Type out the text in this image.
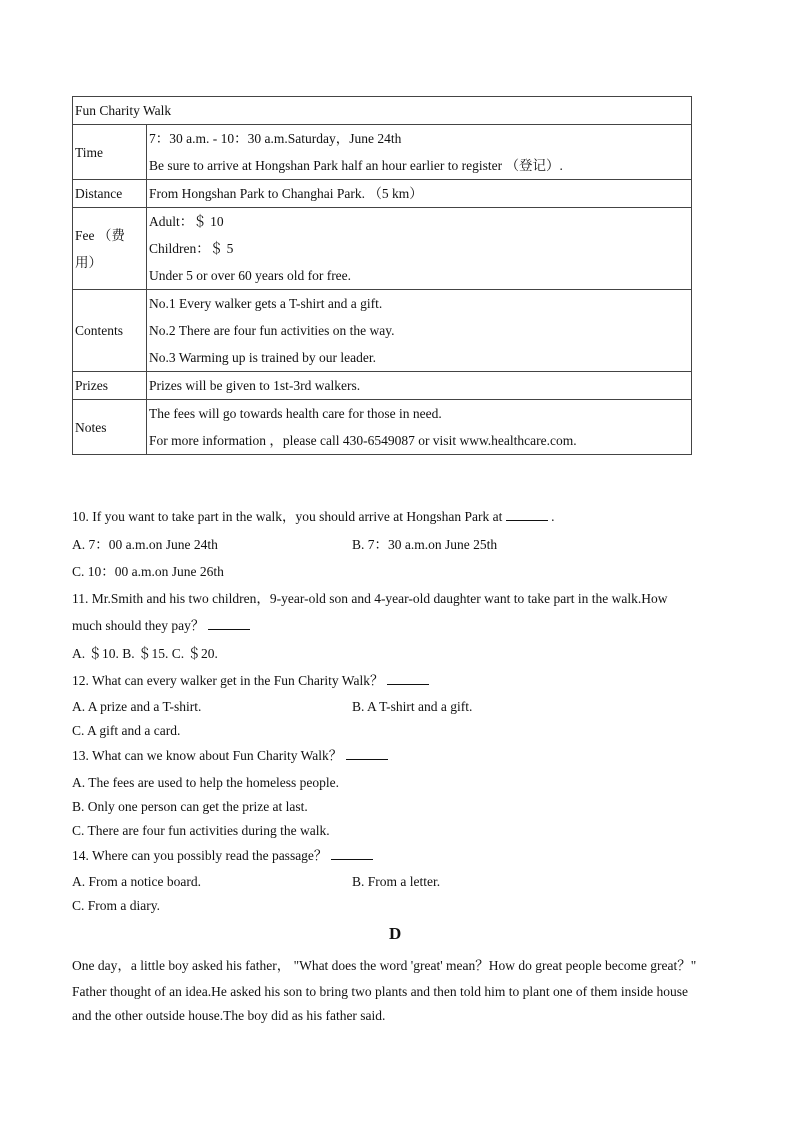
Fun Charity Walk	
Time	7：30 a.m. - 10：30 a.m.Saturday，June 24th
Be sure to arrive at Hongshan Park half an hour earlier to register （登记）.

Distance	From Hongshan Park to Changhai Park. （5 km）

Fee （费用）	Adult：＄ 10
Children：＄ 5
Under 5 or over 60 years old for free.

Contents	No.1 Every walker gets a T-shirt and a gift.
No.2 There are four fun activities on the way.
No.3 Warming up is trained by our leader.

Prizes	Prizes will be given to 1st-3rd walkers.

Notes	The fees will go towards health care for those in need.
For more information ，please call 430-6549087 or visit www.healthcare.com.
10. If you want to take part in the walk，you should arrive at Hongshan Park at	.
A. 7：00 a.m.on June 24th	B. 7：30 a.m.on June 25th
C. 10：00 a.m.on June 26th
11. Mr.Smith and his two children，9-year-old son and 4-year-old daughter want to take part in the walk.How
much should they pay？
A. ＄10. B. ＄15. C. ＄20.
12. What can every walker get in the Fun Charity Walk？
A. A prize and a T-shirt.	B. A T-shirt and a gift.
C. A gift and a card.
13. What can we know about Fun Charity Walk？
A. The fees are used to help the homeless people.
B. Only one person can get the prize at last.
C. There are four fun activities during the walk.
14. Where can you possibly read the passage？
A. From a notice board.	B. From a letter.
C. From a diary.
D
One day，a little boy asked his father， "What does the word 'great' mean？How do great people become great？"
Father thought of an idea.He asked his son to bring two plants and then told him to plant one of them inside house
and the other outside house.The boy did as his father said.
